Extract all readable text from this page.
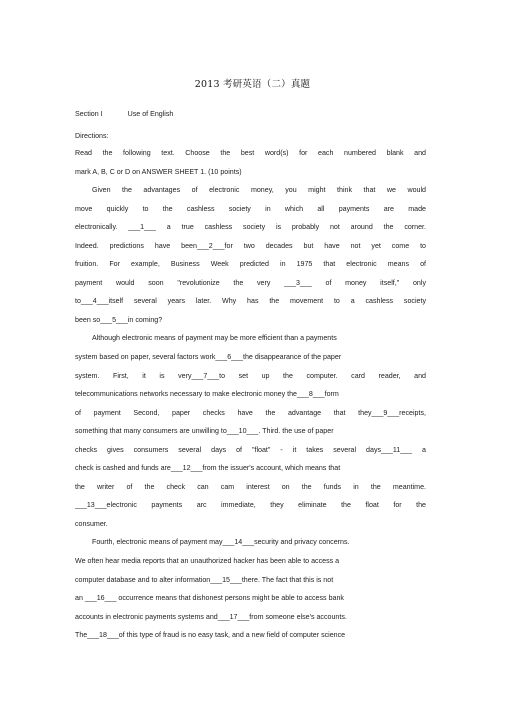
2013 考研英语（二）真题
Section I	Use of English
Directions:
Read the following text. Choose the best word(s) for each numbered blank and
mark A, B, C or D on ANSWER SHEET 1. (10 points)
Given the advantages of electronic money, you might think that we would
move quickly to the cashless society in which all payments are made
electronically. ___1___ a true cashless society is probably not around the corner.
Indeed. predictions have been___2___for two decades but have not yet come to
fruition. For example, Business Week predicted in 1975 that electronic means of
payment would soon "revolutionize the very ___3___ of money itself," only
to___4___itself several years later. Why has the movement to a cashless society
been so___5___in coming?
Although electronic means of payment may be more efficient than a payments
system based on paper, several factors work___6___the disappearance of the paper
system. First, it is very___7___to set up the computer. card reader, and
telecommunications networks necessary to make electronic money the___8___form
of payment Second, paper checks have the advantage that they___9___receipts,
something that many consumers are unwilling to___10___. Third. the use of paper
checks gives consumers several days of "float" - it takes several days___11___ a
check is cashed and funds are___12___from the issuer's account, which means that
the writer of the check can cam interest on the funds in the meantime.
___13___electronic payments arc immediate, they eliminate the float for the
consumer.
Fourth, electronic means of payment may___14___security and privacy concerns.
We often hear media reports that an unauthorized hacker has been able to access a
computer database and to alter information___15___there. The fact that this is not
an ___16___ occurrence means that dishonest persons might be able to access bank
accounts in electronic payments systems and___17___from someone else's accounts.
The___18___of this type of fraud is no easy task, and a new field of computer science
